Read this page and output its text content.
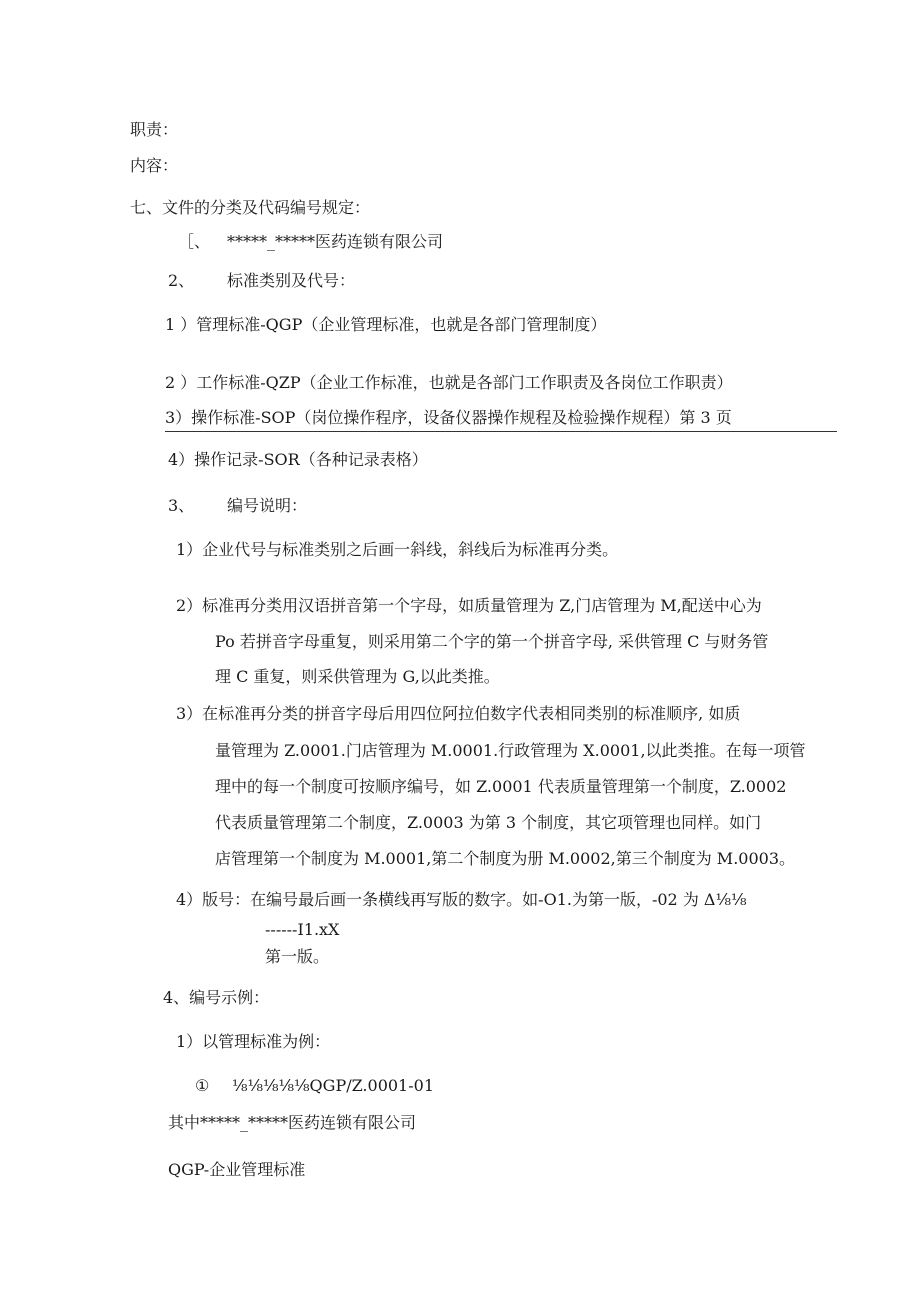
职责：
内容：
七、文件的分类及代码编号规定：
［、 *****_*****医药连锁有限公司
2、 标准类别及代号：
1 ）管理标准-QGP（企业管理标准，也就是各部门管理制度）
2 ）工作标准-QZP（企业工作标准，也就是各部门工作职责及各岗位工作职责）
3）操作标准-SOP（岗位操作程序，设备仪器操作规程及检验操作规程）第 3 页
4）操作记录-SOR（各种记录表格）
3、 编号说明：
1）企业代号与标准类别之后画一斜线，斜线后为标准再分类。
2）标准再分类用汉语拼音第一个字母，如质量管理为 Z,门店管理为 M,配送中心为
Po 若拼音字母重复，则采用第二个字的第一个拼音字母, 采供管理 C 与财务管
理 C 重复，则采供管理为 G,以此类推。
3）在标准再分类的拼音字母后用四位阿拉伯数字代表相同类别的标准顺序, 如质
量管理为 Z.0001.门店管理为 M.0001.行政管理为 X.0001,以此类推。在每一项管
理中的每一个制度可按顺序编号，如 Z.0001 代表质量管理第一个制度，Z.0002
代表质量管理第二个制度，Z.0003 为第 3 个制度，其它项管理也同样。如门
店管理第一个制度为 M.0001,第二个制度为册 M.0002,第三个制度为 M.0003。
4）版号：在编号最后画一条横线再写版的数字。如-O1.为第一版，-02 为 Δ⅛⅛
------I1.xX
第一版。
4、编号示例：
1）以管理标准为例：
① ⅛⅛⅛⅛⅛QGP/Z.0001-01
其中*****_*****医药连锁有限公司
QGP-企业管理标准
